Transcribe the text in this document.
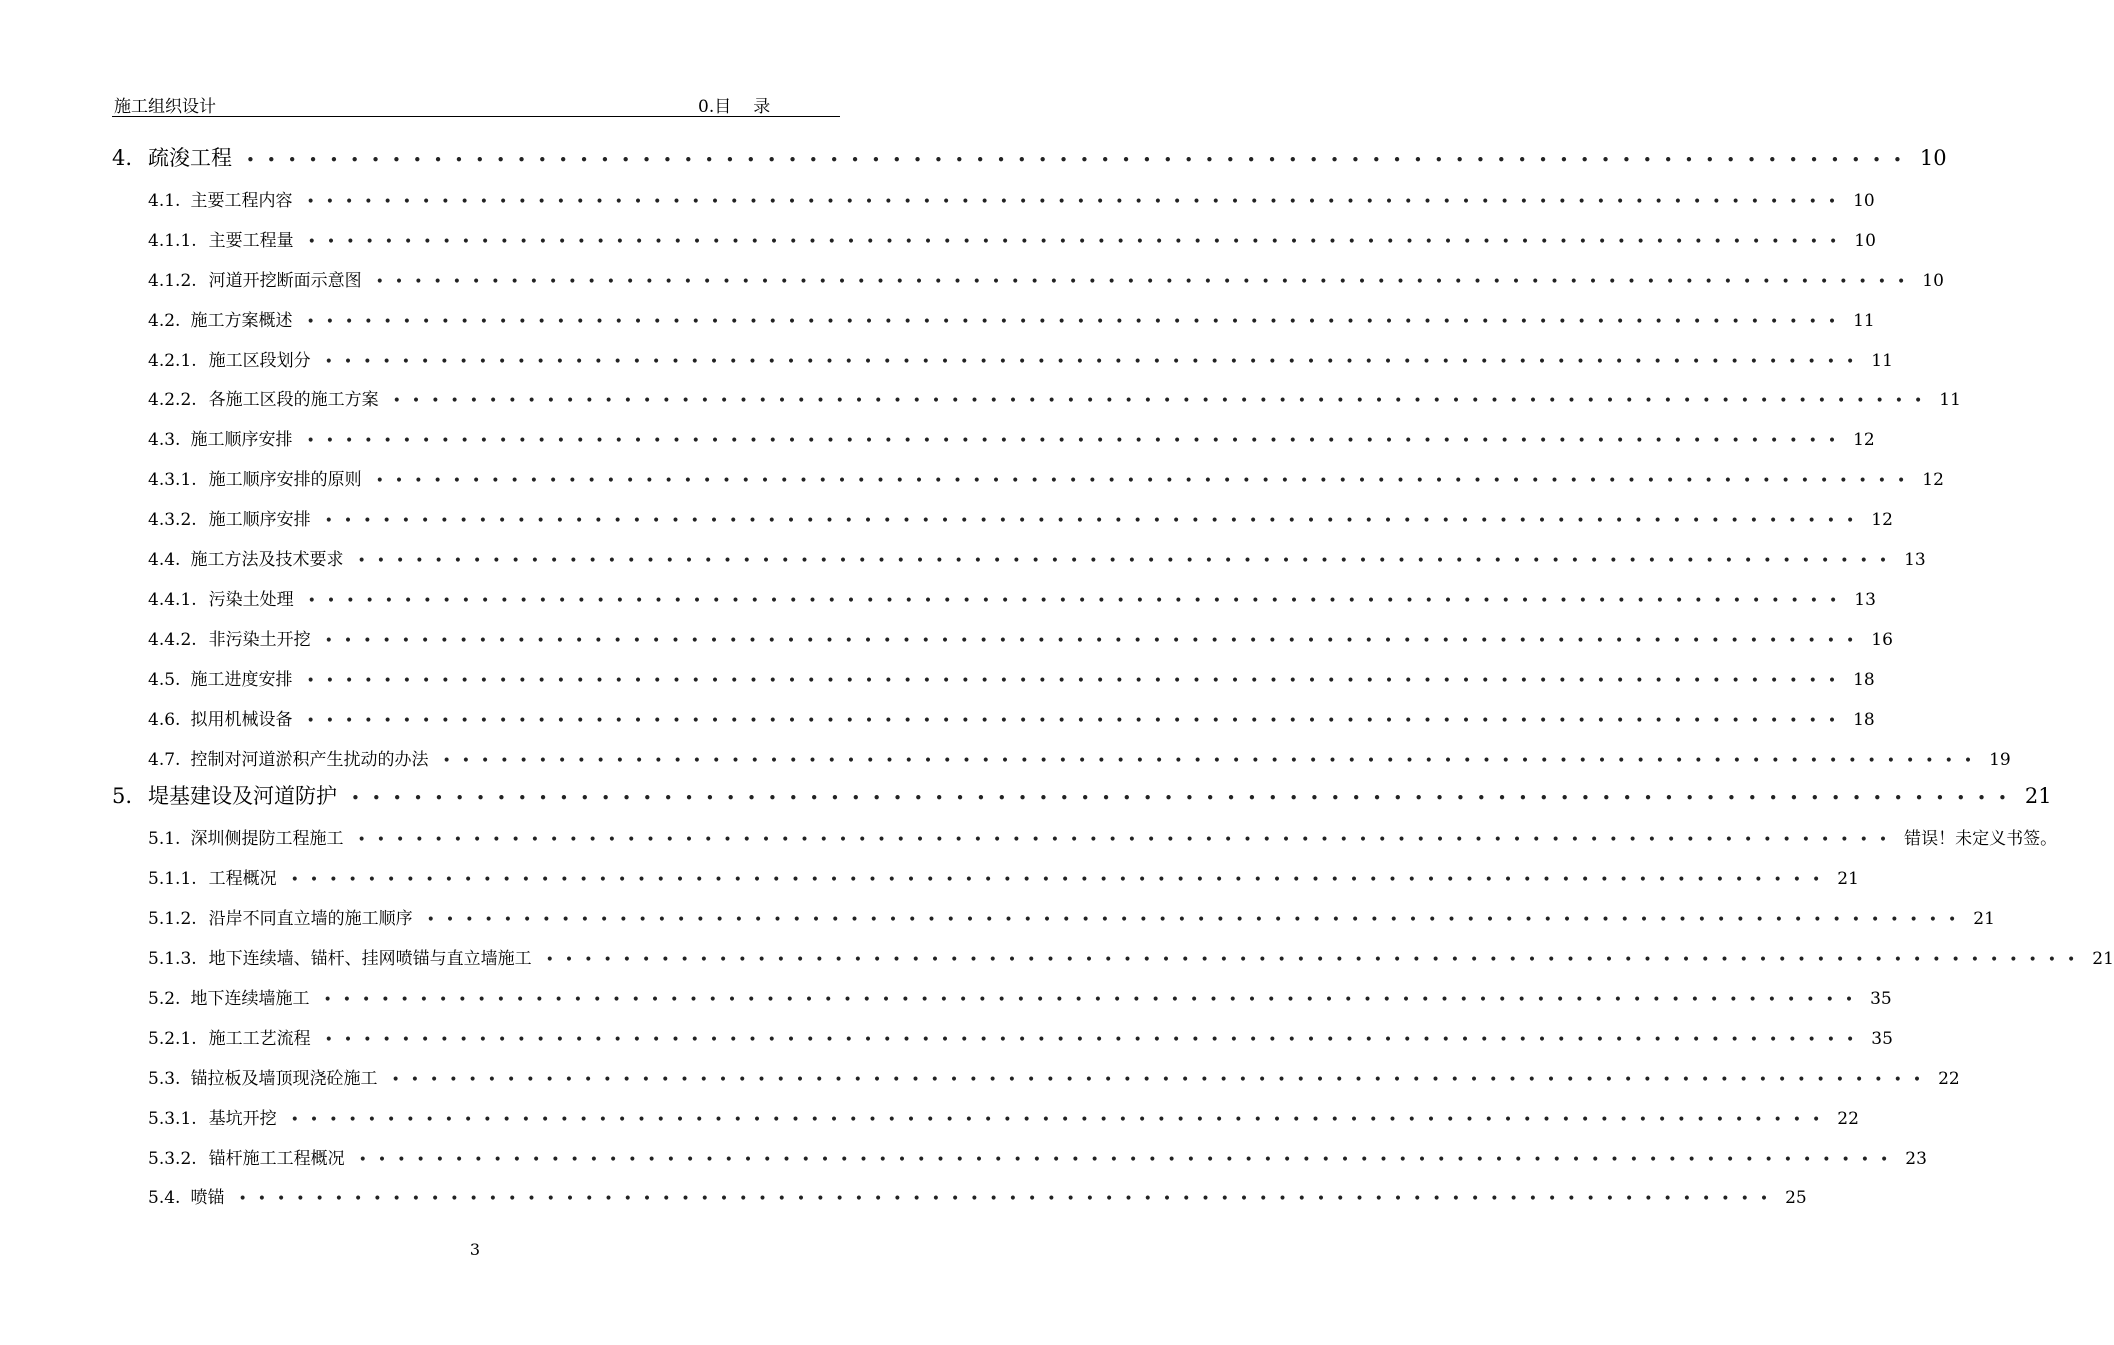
施工组织设计	0.目 录
4. 疏浚工程 •••••••••••••••••••••••••••••••••••••••••••••••••••••••••••••••••••••••••••••••• 10
4.1. 主要工程内容 •••••••••••••••••••••••••••••••••••••••••••••••••••••••••••••••••••••••••••••••• 10
4.1.1. 主要工程量 •••••••••••••••••••••••••••••••••••••••••••••••••••••••••••••••••••••••••••••••• 10
4.1.2. 河道开挖断面示意图 •••••••••••••••••••••••••••••••••••••••••••••••••••••••••••••••••••••••••••••••• 10
4.2. 施工方案概述 •••••••••••••••••••••••••••••••••••••••••••••••••••••••••••••••••••••••••••••••• 11
4.2.1. 施工区段划分 •••••••••••••••••••••••••••••••••••••••••••••••••••••••••••••••••••••••••••••••• 11
4.2.2. 各施工区段的施工方案 •••••••••••••••••••••••••••••••••••••••••••••••••••••••••••••••••••••••••••••••• 11
4.3. 施工顺序安排 •••••••••••••••••••••••••••••••••••••••••••••••••••••••••••••••••••••••••••••••• 12
4.3.1. 施工顺序安排的原则 •••••••••••••••••••••••••••••••••••••••••••••••••••••••••••••••••••••••••••••••• 12
4.3.2. 施工顺序安排 •••••••••••••••••••••••••••••••••••••••••••••••••••••••••••••••••••••••••••••••• 12
4.4. 施工方法及技术要求 •••••••••••••••••••••••••••••••••••••••••••••••••••••••••••••••••••••••••••••••• 13
4.4.1. 污染土处理 •••••••••••••••••••••••••••••••••••••••••••••••••••••••••••••••••••••••••••••••• 13
4.4.2. 非污染土开挖 •••••••••••••••••••••••••••••••••••••••••••••••••••••••••••••••••••••••••••••••• 16
4.5. 施工进度安排 •••••••••••••••••••••••••••••••••••••••••••••••••••••••••••••••••••••••••••••••• 18
4.6. 拟用机械设备 •••••••••••••••••••••••••••••••••••••••••••••••••••••••••••••••••••••••••••••••• 18
4.7. 控制对河道淤积产生扰动的办法 •••••••••••••••••••••••••••••••••••••••••••••••••••••••••••••••••••••••••••••••• 19
5. 堤基建设及河道防护 •••••••••••••••••••••••••••••••••••••••••••••••••••••••••••••••••••••••••••••••• 21
5.1. 深圳侧提防工程施工 •••••••••••••••••••••••••••••••••••••••••••••••••••••••••••••••••••••••••••••••• 错误！未定义书签。
5.1.1. 工程概况 •••••••••••••••••••••••••••••••••••••••••••••••••••••••••••••••••••••••••••••••• 21
5.1.2. 沿岸不同直立墙的施工顺序 •••••••••••••••••••••••••••••••••••••••••••••••••••••••••••••••••••••••••••••••• 21
5.1.3. 地下连续墙、锚杆、挂网喷锚与直立墙施工 •••••••••••••••••••••••••••••••••••••••••••••••••••••••••••••••••••••••••••••••• 21
5.2. 地下连续墙施工 •••••••••••••••••••••••••••••••••••••••••••••••••••••••••••••••••••••••••••••••• 35
5.2.1. 施工工艺流程 •••••••••••••••••••••••••••••••••••••••••••••••••••••••••••••••••••••••••••••••• 35
5.3. 锚拉板及墙顶现浇砼施工 •••••••••••••••••••••••••••••••••••••••••••••••••••••••••••••••••••••••••••••••• 22
5.3.1. 基坑开挖 •••••••••••••••••••••••••••••••••••••••••••••••••••••••••••••••••••••••••••••••• 22
5.3.2. 锚杆施工工程概况 •••••••••••••••••••••••••••••••••••••••••••••••••••••••••••••••••••••••••••••••• 23
5.4. 喷锚 •••••••••••••••••••••••••••••••••••••••••••••••••••••••••••••••••••••••••••••••• 25
3
